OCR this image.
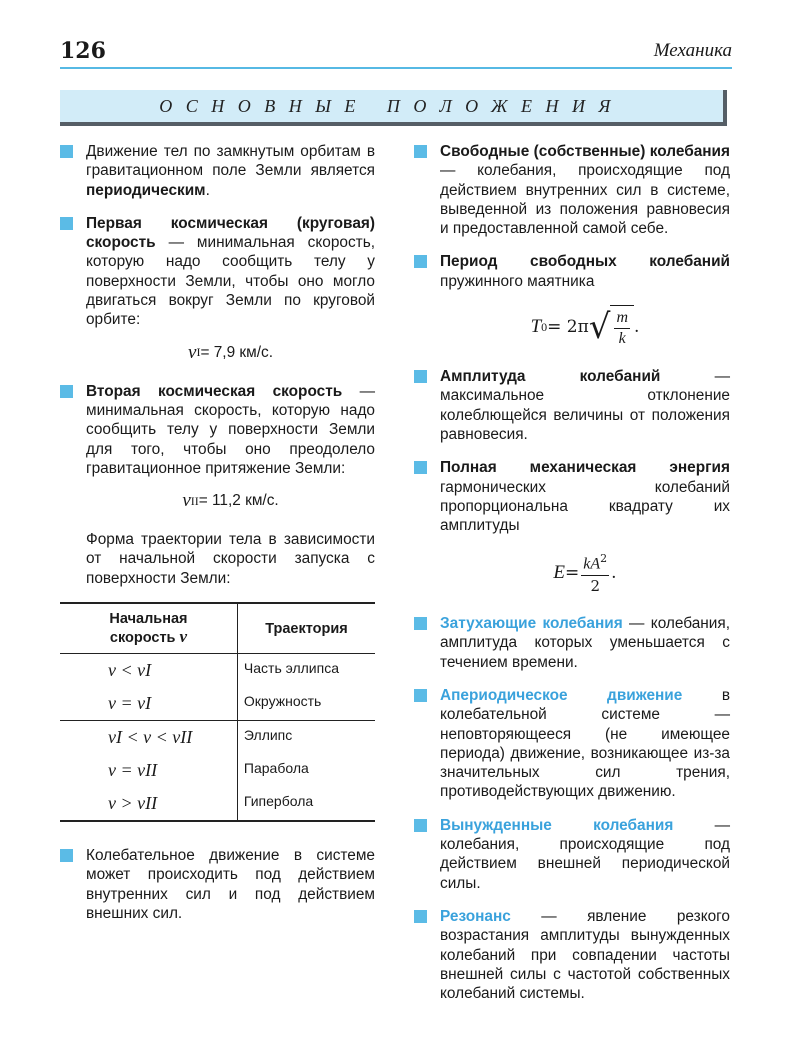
126	Механика
ОСНОВНЫЕ ПОЛОЖЕНИЯ
Движение тел по замкнутым орбитам в гравитационном поле Земли является периодическим.
Первая космическая (круговая) скорость — минимальная скорость, которую надо сообщить телу у поверхности Земли, чтобы оно могло двигаться вокруг Земли по круговой орбите:
v I = 7,9 км/с.
Вторая космическая скорость — минимальная скорость, которую надо сообщить телу у поверхности Земли для того, чтобы оно преодолело гравитационное притяжение Земли:
v II = 11,2 км/с.
Форма траектории тела в зависимости от начальной скорости запуска с поверхности Земли:
Начальная
скорость v	Траектория
v < vI	Часть эллипса
v = vI	Окружность
vI < v < vII	Эллипс
v = vII	Парабола
v > vII	Гипербола
Колебательное движение в системе может происходить под действием внутренних сил и под действием внешних сил.
Свободные (собственные) колебания — колебания, происходящие под действием внутренних сил в системе, выведенной из положения равновесия и предоставленной самой себе.
Период свободных колебаний пружинного маятника
T 0 = 2π √ $\frac{m}{k}$ .
Амплитуда колебаний — максимальное отклонение колеблющейся величины от положения равновесия.
Полная механическая энергия гармонических колебаний пропорциональна квадрату их амплитуды
$E = \frac{kA^2}{2}$ .
Затухающие колебания — колебания, амплитуда которых уменьшается с течением времени.
Апериодическое движение в колебательной системе — неповторяющееся (не имеющее периода) движение, возникающее из-за значительных сил трения, противодействующих движению.
Вынужденные колебания — колебания, происходящие под действием внешней периодической силы.
Резонанс — явление резкого возрастания амплитуды вынужденных колебаний при совпадении частоты внешней силы с частотой собственных колебаний системы.
